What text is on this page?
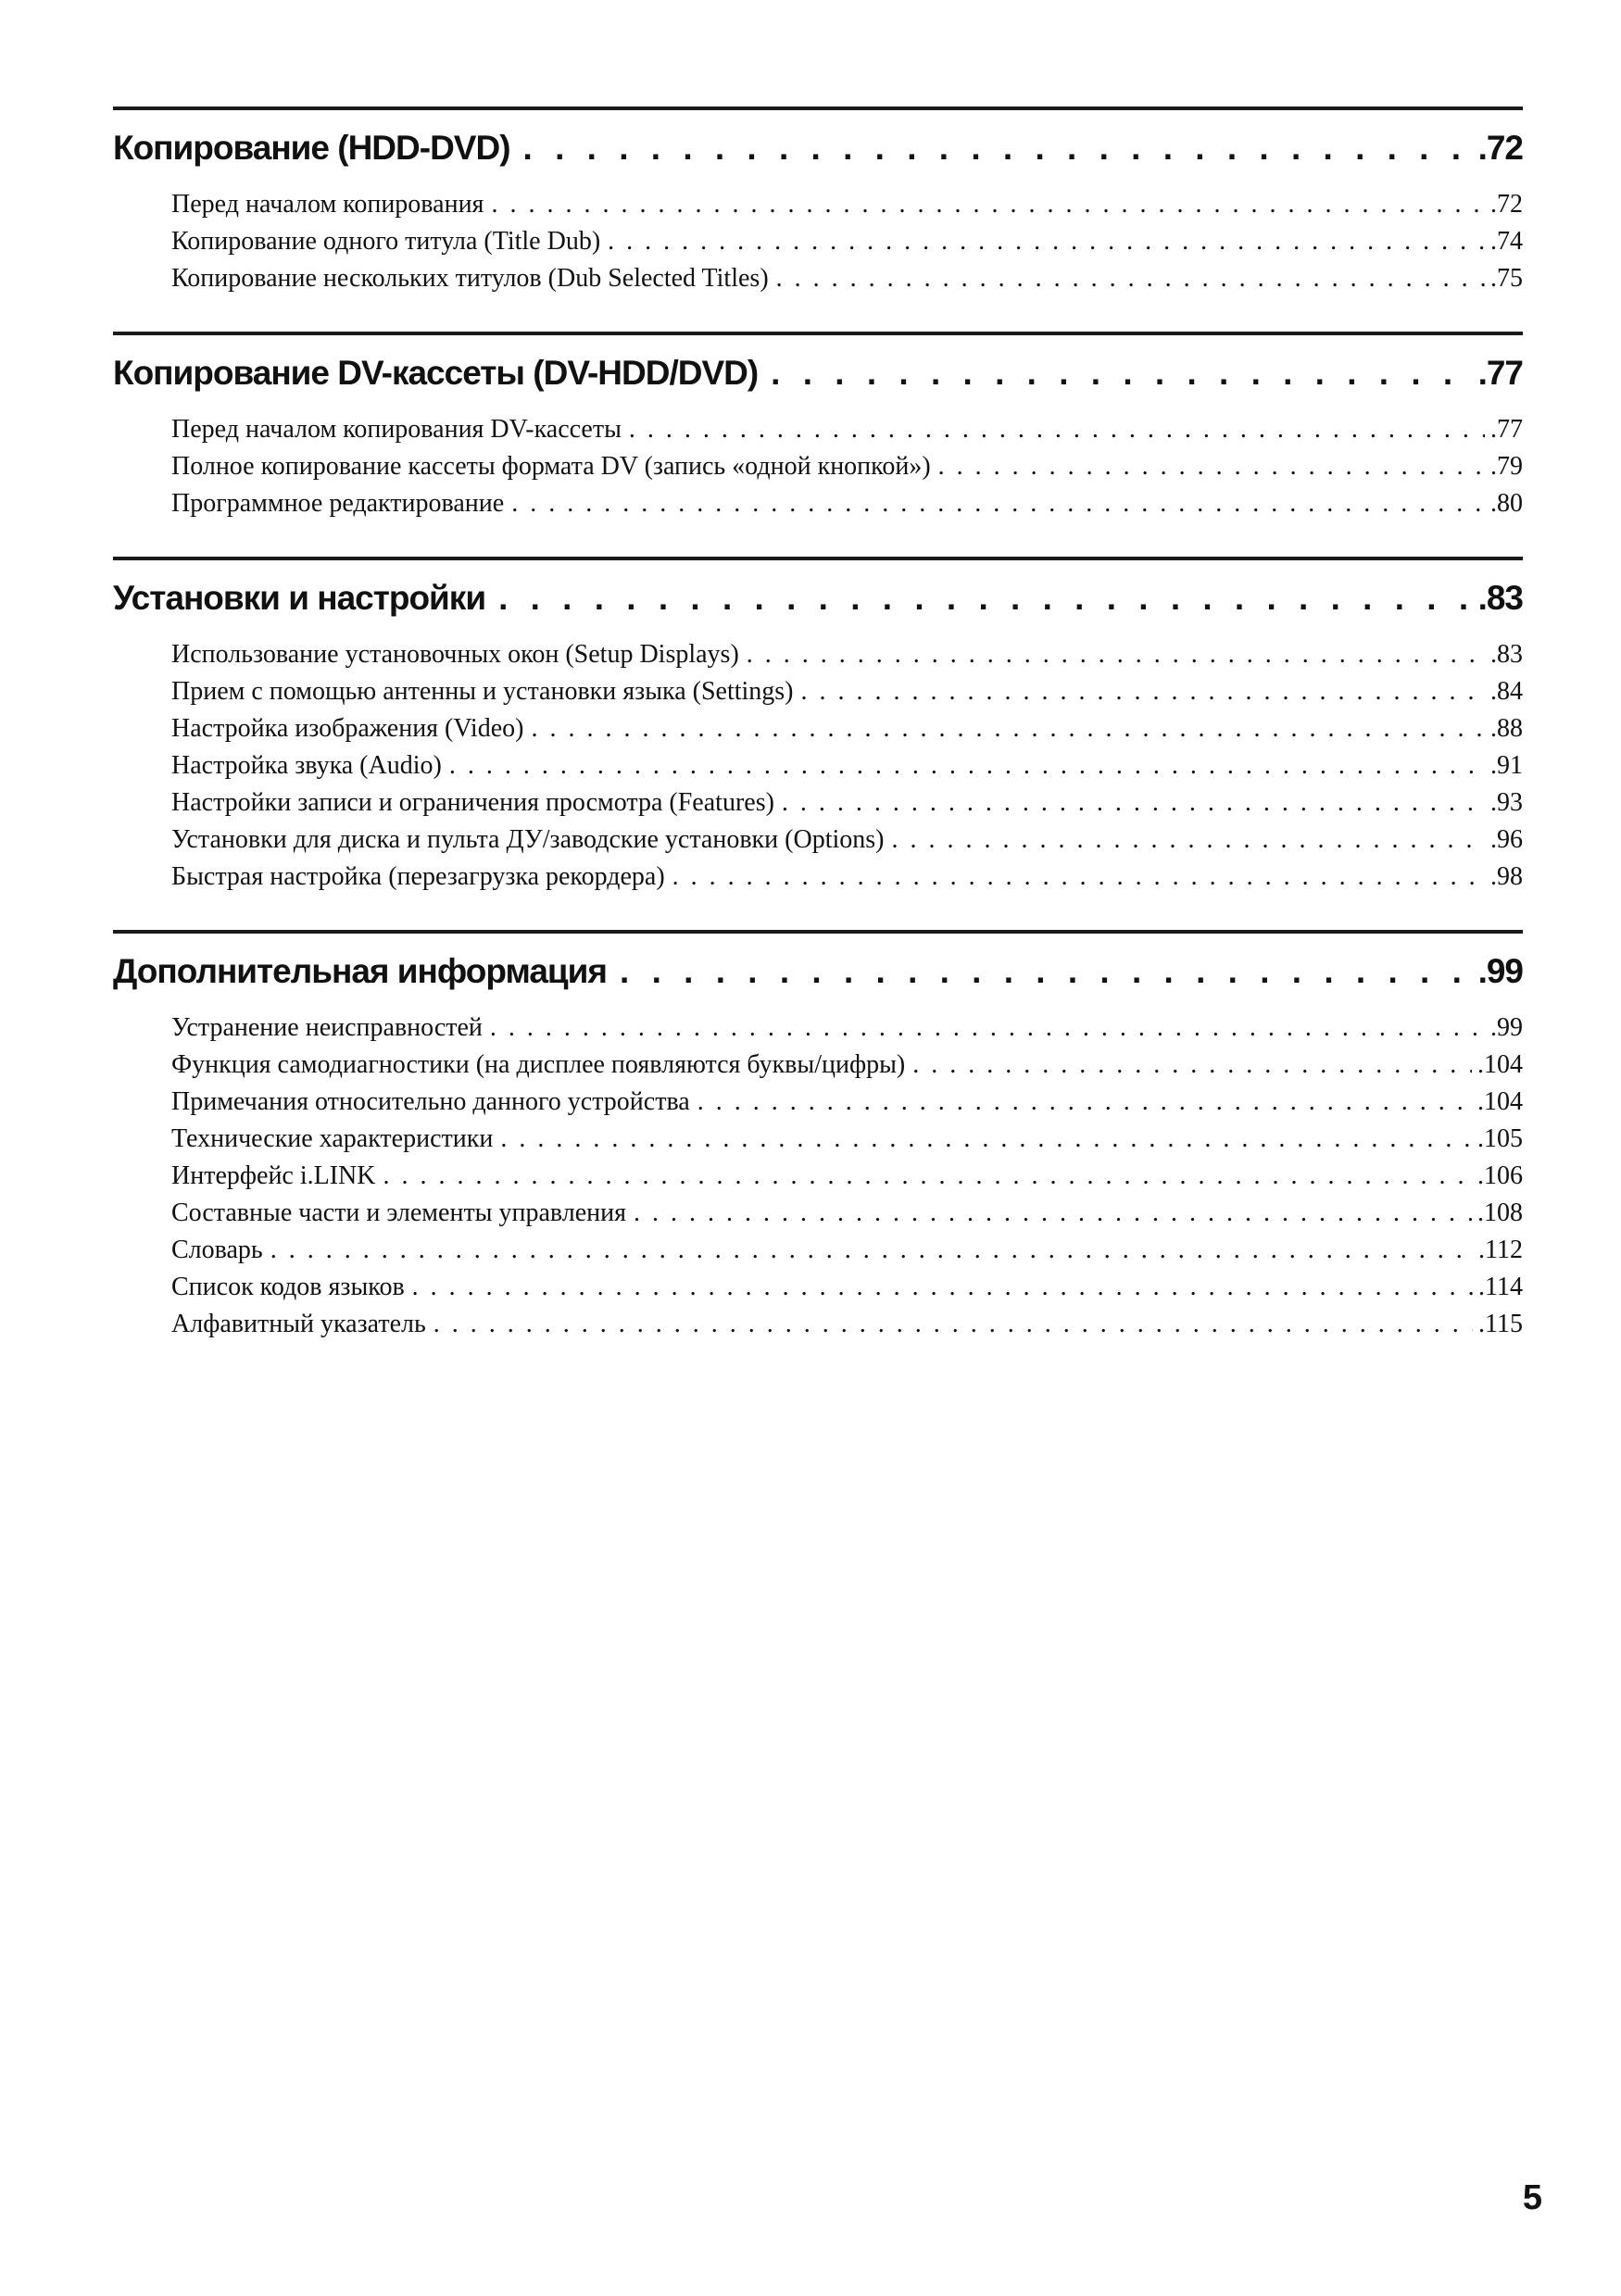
Копирование (HDD-DVD) . . .	.72
Перед началом копирования . . .	.72
Копирование одного титула (Title Dub) . . .	.74
Копирование нескольких титулов (Dub Selected Titles) . . .	.75
Копирование DV-кассеты (DV-HDD/DVD) . . .	.77
Перед началом копирования DV-кассеты . . .	.77
Полное копирование кассеты формата DV (запись «одной кнопкой») . . .	.79
Программное редактирование . . .	.80
Установки и настройки . . .	.83
Использование установочных окон (Setup Displays) . . .	.83
Прием с помощью антенны и установки языка (Settings) . . .	.84
Настройка изображения (Video) . . .	.88
Настройка звука (Audio) . . .	.91
Настройки записи и ограничения просмотра (Features) . . .	.93
Установки для диска и пульта ДУ/заводские установки (Options) . . .	.96
Быстрая настройка (перезагрузка рекордера) . . .	.98
Дополнительная информация . . .	.99
Устранение неисправностей . . .	.99
Функция самодиагностики (на дисплее появляются буквы/цифры) . . .	.104
Примечания относительно данного устройства . . .	.104
Технические характеристики . . .	.105
Интерфейс i.LINK . . .	.106
Составные части и элементы управления . . .	.108
Словарь . . .	.112
Список кодов языков . . .	.114
Алфавитный указатель . . .	.115
5
